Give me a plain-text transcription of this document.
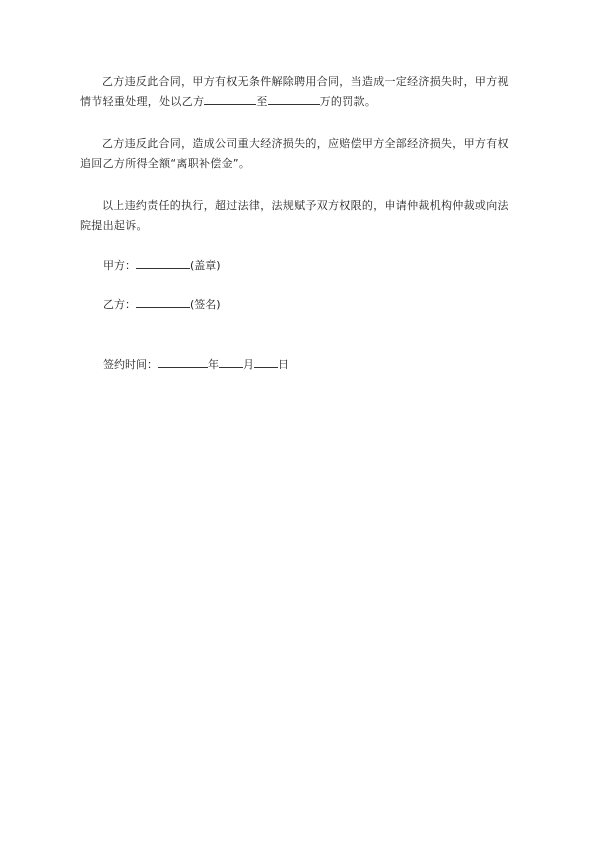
乙方违反此合同，甲方有权无条件解除聘用合同，当造成一定经济损失时，甲方视情节轻重处理，处以乙方	至	万的罚款。

乙方违反此合同，造成公司重大经济损失的，应赔偿甲方全部经济损失，甲方有权追回乙方所得全额“离职补偿金”。

以上违约责任的执行，超过法律，法规赋予双方权限的，申请仲裁机构仲裁或向法院提出起诉。

甲方：	(盖章)
乙方：	(签名)
签约时间：	年 月 日
